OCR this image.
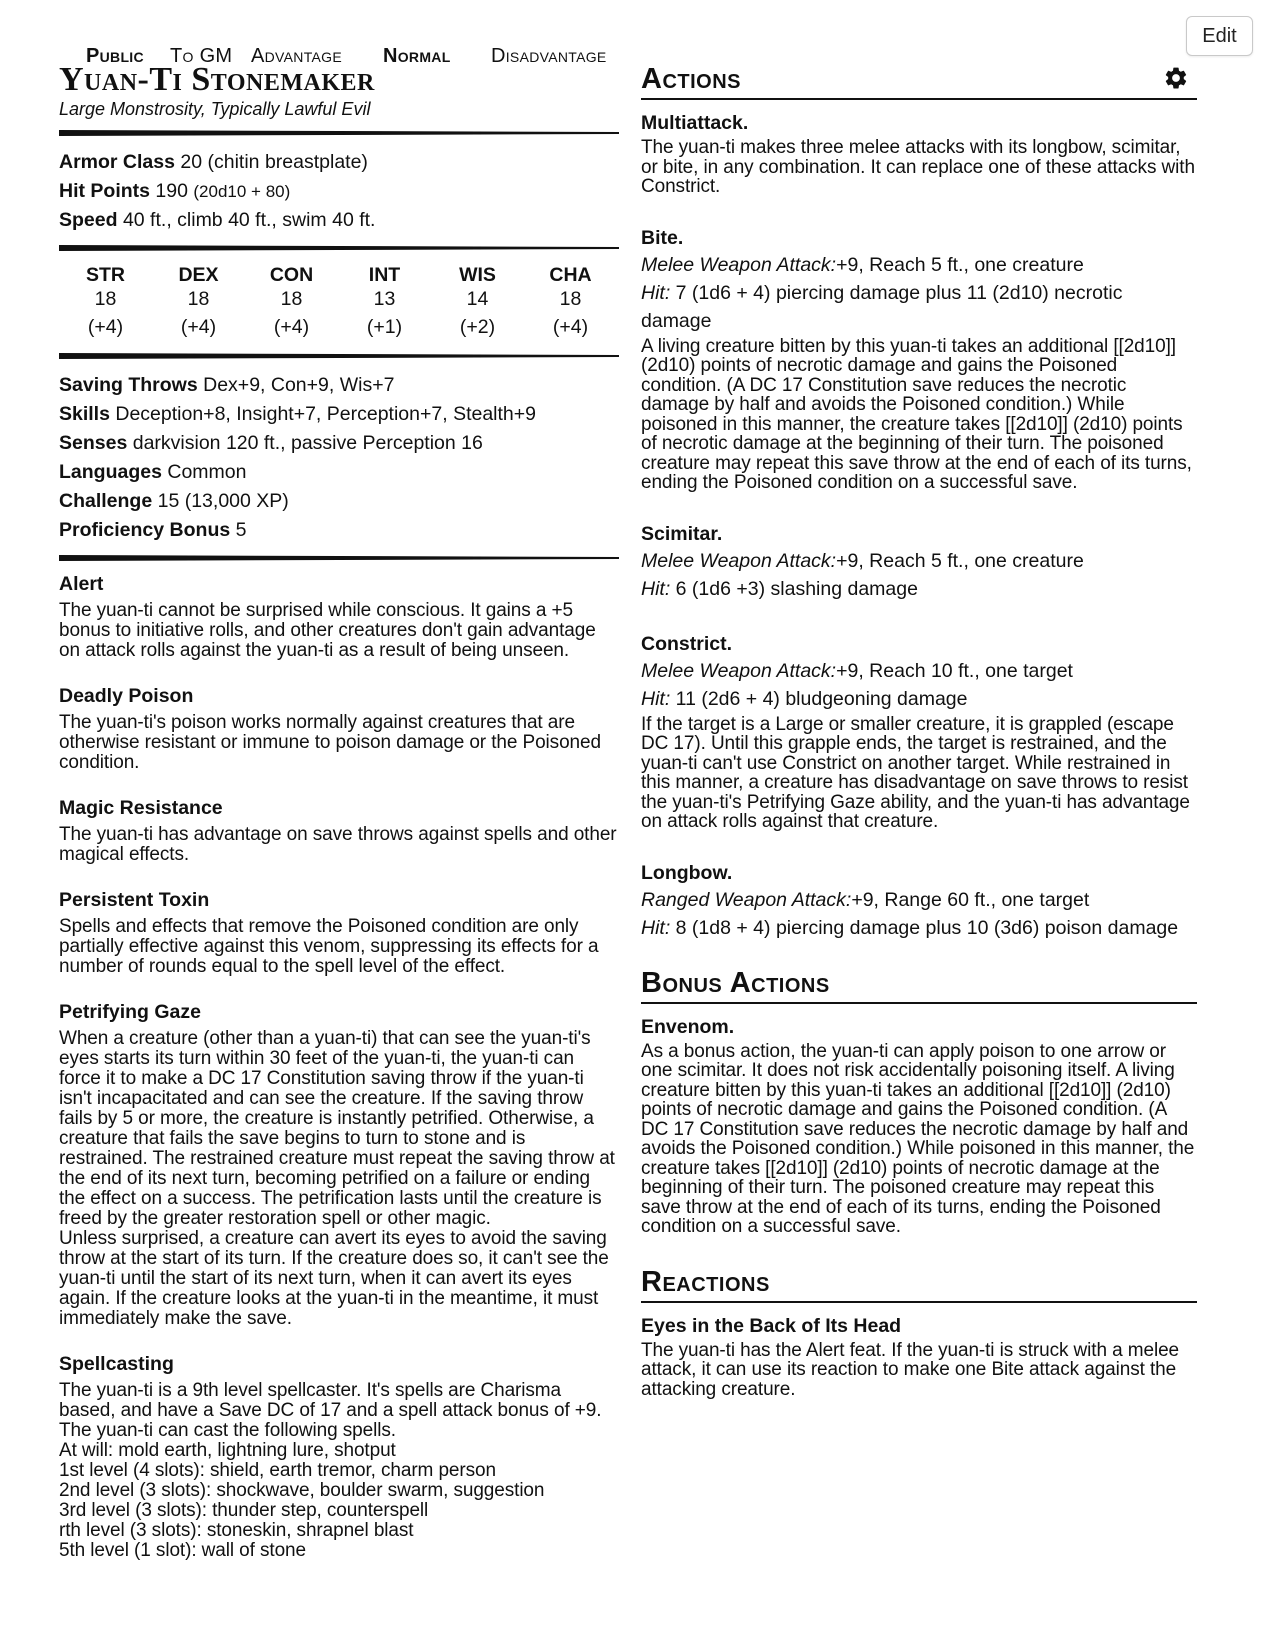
Edit
Public To GM Advantage Normal Disadvantage
Yuan-Ti Stonemaker

Large Monstrosity, Typically Lawful Evil

Armor Class 20 (chitin breastplate)

Hit Points 190 (20d10 + 80)

Speed 40 ft., climb 40 ft., swim 40 ft.

STR
18
(+4)
DEX
18
(+4)
CON
18
(+4)
INT
13
(+1)
WIS
14
(+2)
CHA
18
(+4)

Saving Throws Dex+9, Con+9, Wis+7

Skills Deception+8, Insight+7, Perception+7, Stealth+9

Senses darkvision 120 ft., passive Perception 16

Languages Common

Challenge 15 (13,000 XP)

Proficiency Bonus 5

Alert

The yuan-ti cannot be surprised while conscious. It gains a +5 bonus to initiative rolls, and other creatures don't gain advantage on attack rolls against the yuan-ti as a result of being unseen.

Deadly Poison

The yuan-ti's poison works normally against creatures that are otherwise resistant or immune to poison damage or the Poisoned condition.

Magic Resistance

The yuan-ti has advantage on save throws against spells and other magical effects.

Persistent Toxin

Spells and effects that remove the Poisoned condition are only partially effective against this venom, suppressing its effects for a number of rounds equal to the spell level of the effect.

Petrifying Gaze

When a creature (other than a yuan-ti) that can see the yuan-ti's eyes starts its turn within 30 feet of the yuan-ti, the yuan-ti can force it to make a DC 17 Constitution saving throw if the yuan-ti isn't incapacitated and can see the creature. If the saving throw fails by 5 or more, the creature is instantly petrified. Otherwise, a creature that fails the save begins to turn to stone and is restrained. The restrained creature must repeat the saving throw at the end of its next turn, becoming petrified on a failure or ending the effect on a success. The petrification lasts until the creature is freed by the greater restoration spell or other magic.
Unless surprised, a creature can avert its eyes to avoid the saving throw at the start of its turn. If the creature does so, it can't see the yuan-ti until the start of its next turn, when it can avert its eyes again. If the creature looks at the yuan-ti in the meantime, it must immediately make the save.

Spellcasting

The yuan-ti is a 9th level spellcaster. It's spells are Charisma based, and have a Save DC of 17 and a spell attack bonus of +9. The yuan-ti can cast the following spells.
At will: mold earth, lightning lure, shotput
1st level (4 slots): shield, earth tremor, charm person
2nd level (3 slots): shockwave, boulder swarm, suggestion
3rd level (3 slots): thunder step, counterspell
rth level (3 slots): stoneskin, shrapnel blast
5th level (1 slot): wall of stone

Actions
Multiattack.

The yuan-ti makes three melee attacks with its longbow, scimitar, or bite, in any combination. It can replace one of these attacks with Constrict.

Bite.

Melee Weapon Attack:+9, Reach 5 ft., one creature

Hit: 7 (1d6 + 4) piercing damage plus 11 (2d10) necrotic damage

A living creature bitten by this yuan-ti takes an additional [[2d10]] (2d10) points of necrotic damage and gains the Poisoned condition. (A DC 17 Constitution save reduces the necrotic damage by half and avoids the Poisoned condition.) While poisoned in this manner, the creature takes [[2d10]] (2d10) points of necrotic damage at the beginning of their turn. The poisoned creature may repeat this save throw at the end of each of its turns, ending the Poisoned condition on a successful save.

Scimitar.

Melee Weapon Attack:+9, Reach 5 ft., one creature

Hit: 6 (1d6 +3) slashing damage

Constrict.

Melee Weapon Attack:+9, Reach 10 ft., one target

Hit: 11 (2d6 + 4) bludgeoning damage

If the target is a Large or smaller creature, it is grappled (escape DC 17). Until this grapple ends, the target is restrained, and the yuan-ti can't use Constrict on another target. While restrained in this manner, a creature has disadvantage on save throws to resist the yuan-ti's Petrifying Gaze ability, and the yuan-ti has advantage on attack rolls against that creature.

Longbow.

Ranged Weapon Attack:+9, Range 60 ft., one target

Hit: 8 (1d8 + 4) piercing damage plus 10 (3d6) poison damage

Bonus Actions
Envenom.

As a bonus action, the yuan-ti can apply poison to one arrow or one scimitar. It does not risk accidentally poisoning itself. A living creature bitten by this yuan-ti takes an additional [[2d10]] (2d10) points of necrotic damage and gains the Poisoned condition. (A DC 17 Constitution save reduces the necrotic damage by half and avoids the Poisoned condition.) While poisoned in this manner, the creature takes [[2d10]] (2d10) points of necrotic damage at the beginning of their turn. The poisoned creature may repeat this save throw at the end of each of its turns, ending the Poisoned condition on a successful save.

Reactions
Eyes in the Back of Its Head

The yuan-ti has the Alert feat. If the yuan-ti is struck with a melee attack, it can use its reaction to make one Bite attack against the attacking creature.
